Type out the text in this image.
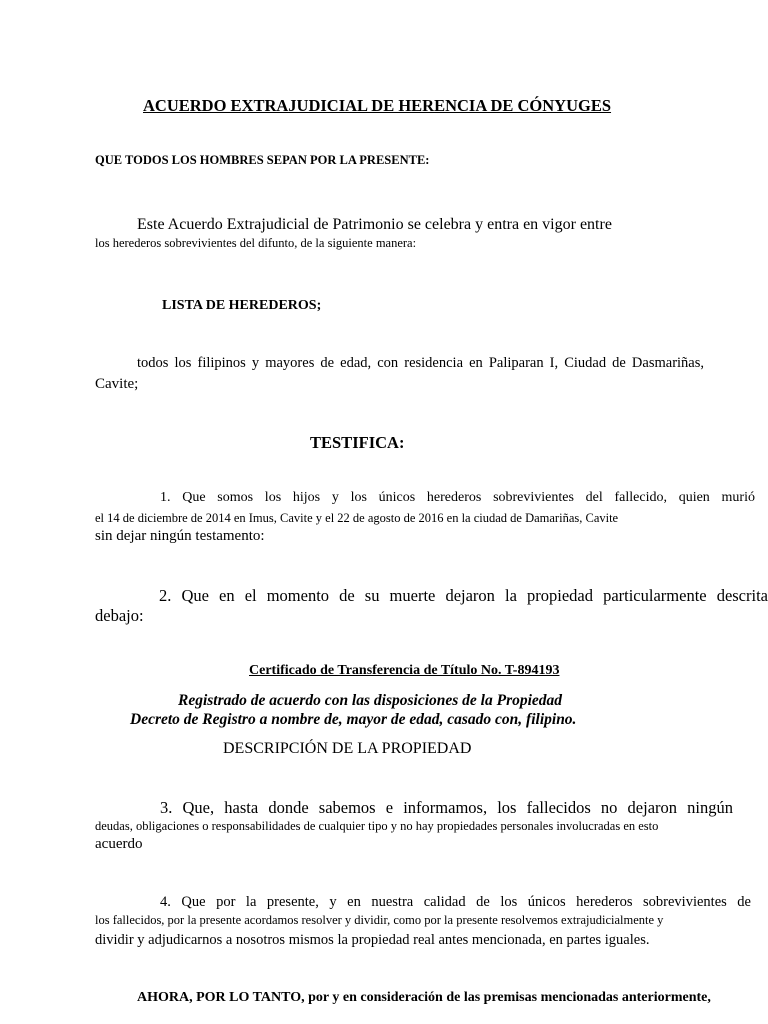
ACUERDO EXTRAJUDICIAL DE HERENCIA DE CÓNYUGES
QUE TODOS LOS HOMBRES SEPAN POR LA PRESENTE:
Este Acuerdo Extrajudicial de Patrimonio se celebra y entra en vigor entre
los herederos sobrevivientes del difunto, de la siguiente manera:
LISTA DE HEREDEROS;
todos los filipinos y mayores de edad, con residencia en Paliparan I, Ciudad de Dasmariñas,
Cavite;
TESTIFICA:
1. Que somos los hijos y los únicos herederos sobrevivientes del fallecido, quien murió
el 14 de diciembre de 2014 en Imus, Cavite y el 22 de agosto de 2016 en la ciudad de Damariñas, Cavite
sin dejar ningún testamento:
2. Que en el momento de su muerte dejaron la propiedad particularmente descrita
debajo:
Certificado de Transferencia de Título No. T-894193
Registrado de acuerdo con las disposiciones de la Propiedad
Decreto de Registro a nombre de, mayor de edad, casado con, filipino.
DESCRIPCIÓN DE LA PROPIEDAD
3. Que, hasta donde sabemos e informamos, los fallecidos no dejaron ningún
deudas, obligaciones o responsabilidades de cualquier tipo y no hay propiedades personales involucradas en esto
acuerdo
4. Que por la presente, y en nuestra calidad de los únicos herederos sobrevivientes de
los fallecidos, por la presente acordamos resolver y dividir, como por la presente resolvemos extrajudicialmente y
dividir y adjudicarnos a nosotros mismos la propiedad real antes mencionada, en partes iguales.
AHORA, POR LO TANTO, por y en consideración de las premisas mencionadas anteriormente,
